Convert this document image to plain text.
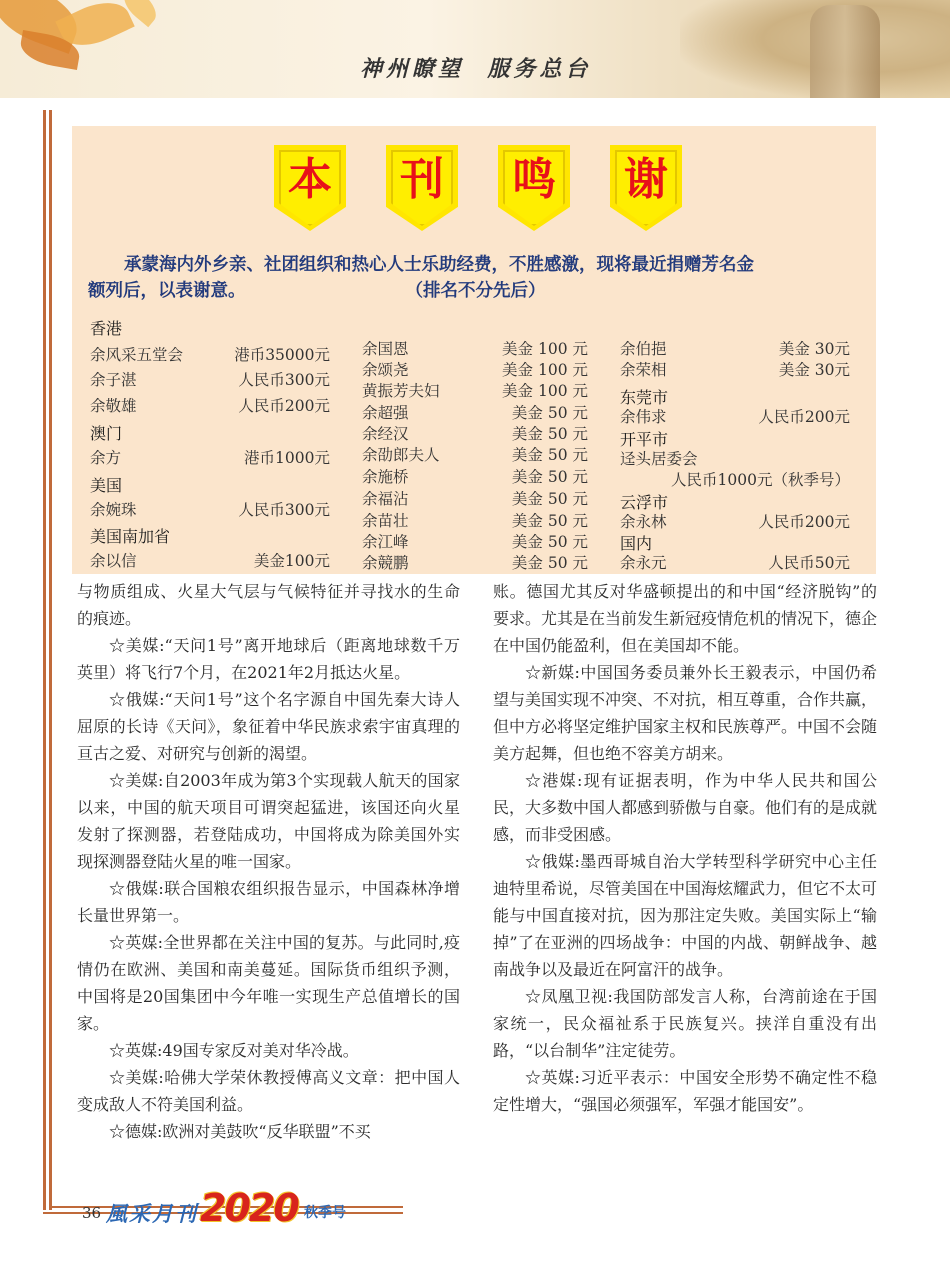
神州瞭望  服务总台
本	刊	鸣	谢

承蒙海内外乡亲、社团组织和热心人士乐助经费，不胜感激，现将最近捐赠芳名金

额列后，以表谢意。	（排名不分先后）

香港
余风采五堂会	港币35000元
余子湛	人民币300元
余敬雄	人民币200元
澳门
余方	港币1000元
美国
余婉珠	人民币300元
美国南加省
余以信	美金100元
余国恩	美金 100 元
余颂尧	美金 100 元
黄振芳夫妇	美金 100 元
余超强	美金 50 元
余经汉	美金 50 元
余劭郎夫人	美金 50 元
余施桥	美金 50 元
余福沾	美金 50 元
余苗壮	美金 50 元
余江峰	美金 50 元
余競鹏	美金 50 元
余伯挹	美金 30元
余荣相	美金 30元
东莞市
余伟求	人民币200元
开平市
迳头居委会
人民币1000元（秋季号）
云浮市
余永林	人民币200元
国内
余永元	人民币50元

与物质组成、火星大气层与气候特征并寻找水的生命的痕迹。

☆美媒:“天问1号”离开地球后（距离地球数千万英里）将飞行7个月，在2021年2月抵达火星。

☆俄媒:“天问1号”这个名字源自中国先秦大诗人屈原的长诗《天问》，象征着中华民族求索宇宙真理的亘古之爱、对研究与创新的渴望。

☆美媒:自2003年成为第3个实现载人航天的国家以来，中国的航天项目可谓突起猛进，该国还向火星发射了探测器，若登陆成功，中国将成为除美国外实现探测器登陆火星的唯一国家。

☆俄媒:联合国粮农组织报告显示，中国森林净增长量世界第一。

☆英媒:全世界都在关注中国的复苏。与此同时,疫情仍在欧洲、美国和南美蔓延。国际货币组织予测，中国将是20国集团中今年唯一实现生产总值增长的国家。

☆英媒:49国专家反对美对华冷战。

☆美媒:哈佛大学荣休教授傅高义文章：把中国人变成敌人不符美国利益。

☆德媒:欧洲对美鼓吹“反华联盟”不买

账。德国尤其反对华盛顿提出的和中国“经济脱钩”的要求。尤其是在当前发生新冠疫情危机的情况下，德企在中国仍能盈利，但在美国却不能。

☆新媒:中国国务委员兼外长王毅表示，中国仍希望与美国实现不冲突、不对抗，相互尊重，合作共赢，但中方必将坚定维护国家主权和民族尊严。中国不会随美方起舞，但也绝不容美方胡来。

☆港媒:现有证据表明，作为中华人民共和国公民，大多数中国人都感到骄傲与自豪。他们有的是成就感，而非受困感。

☆俄媒:墨西哥城自治大学转型科学研究中心主任迪特里希说，尽管美国在中国海炫耀武力，但它不太可能与中国直接对抗，因为那注定失败。美国实际上“输掉”了在亚洲的四场战争：中国的内战、朝鲜战争、越南战争以及最近在阿富汗的战争。

☆凤凰卫视:我国防部发言人称，台湾前途在于国家统一，民众福祉系于民族复兴。挟洋自重没有出路，“以台制华”注定徒劳。

☆英媒:习近平表示：中国安全形势不确定性不稳定性增大，“强国必须强军，军强才能国安”。

36 風采月刊 2020 秋季号
